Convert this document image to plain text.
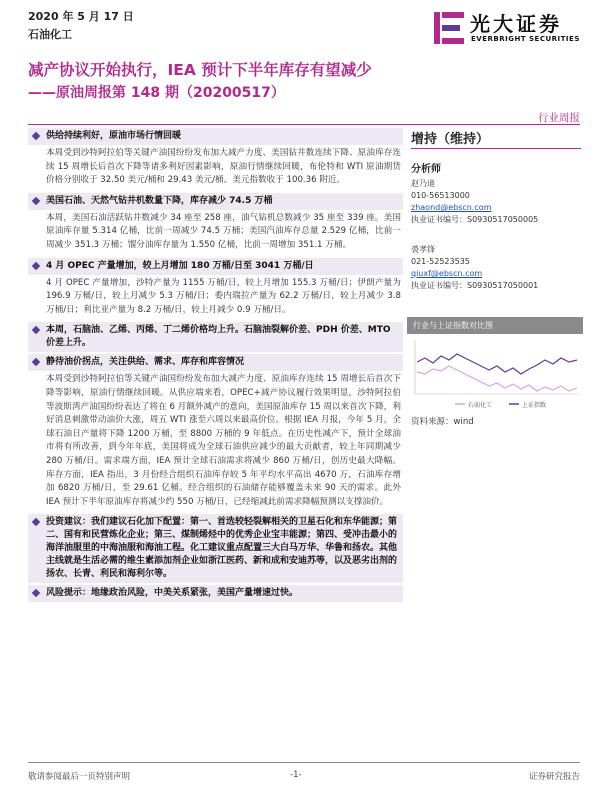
2020 年 5 月 17 日
石油化工	光大证券
EVERBRIGHT SECURITIES
减产协议开始执行，IEA 预计下半年库存有望减少
——原油周报第 148 期（20200517）
行业周报
供给持续利好，原油市场行情回暖
本周受到沙特阿拉伯等关键产油国纷纷发布加大减产力度、美国钻井数连续下降、原油库存连续 15 周增长后首次下降等诸多利好因素影响，原油行情继续回暖，布伦特和 WTI 原油期货价格分别收于 32.50 美元/桶和 29.43 美元/桶。美元指数收于 100.36 附近。
美国石油、天然气钻井机数量下降，库存减少 74.5 万桶
本周，美国石油活跃钻井数减少 34 座至 258 座，油气钻机总数减少 35 座至 339 座。美国原油库存量 5.314 亿桶，比前一周减少 74.5 万桶；美国汽油库存总量 2.529 亿桶，比前一周减少 351.3 万桶；馏分油库存量为 1.550 亿桶，比前一周增加 351.1 万桶。
4 月 OPEC 产量增加，较上月增加 180 万桶/日至 3041 万桶/日
4 月 OPEC 产量增加，沙特产量为 1155 万桶/日，较上月增加 155.3 万桶/日；伊朗产量为 196.9 万桶/日，较上月减少 5.3 万桶/日；委内瑞拉产量为 62.2 万桶/日，较上月减少 3.8 万桶/日；利比亚产量为 8.2 万桶/日，较上月减少 0.9 万桶/日。
本周，石脑油、乙烯、丙烯、丁二烯价格均上升。石脑油裂解价差、PDH 价差、MTO 价差上升。
静待油价拐点，关注供给、需求、库存和库容情况
本周受到沙特阿拉伯等关键产油国纷纷发布加大减产力度、原油库存连续 15 周增长后首次下降等影响，原油行情继续回暖。从供应端来看，OPEC+减产协议履行效果明显，沙特阿拉伯等波斯湾产油国纷纷表达了将在 6 月额外减产的意向，美国原油库存 15 周以来首次下降，利好消息刺激带动油价大涨，周五 WTI 涨至六周以来最高价位。根据 IEA 月报，今年 5 月，全球石油日产量将下降 1200 万桶，至 8800 万桶的 9 年低点。在历史性减产下，预计全球油市将有所改善，到今年年底，美国将成为全球石油供应减少的最大贡献者，较上年同期减少 280 万桶/日。需求端方面，IEA 预计全球石油需求将减少 860 万桶/日，创历史最大降幅。库存方面，IEA 指出，3 月份经合组织石油库存较 5 年平均水平高出 4670 万，石油库存增加 6820 万桶/日，至 29.61 亿桶。经合组织的石油储存能够覆盖未来 90 天的需求。此外 IEA 预计下半年原油库存将减少约 550 万桶/日，已经缩减此前需求降幅预测以支撑油价。
投资建议：我们建议石化加下配置：第一、首选较轻裂解相关的卫星石化和东华能源；第二、国有和民营炼化企业；第三、煤制烯烃中的优秀企业宝丰能源；第四、受冲击最小的海洋油服里的中海油服和海油工程。化工建议重点配置三大白马万华、华鲁和扬农。其他主线就是生活必需的维生素添加剂企业如浙江医药、新和成和安迪苏等，以及恶劣出剂的扬农、长青、利民和海利尔等。
风险提示：地缘政治风险，中美关系紧张，美国产量增速过快。
增持（维持）
分析师
赵乃迪
010-56513000
zhaond@ebscn.com
执业证书编号：S0930517050005
裘孝锋
021-52523535
qiuxf@ebscn.com
执业证书编号：S0930517050001
行业与上证指数对比图
石油化工	上证指数
资料来源：wind
敬请参阅最后一页特别声明	-1-	证券研究报告
